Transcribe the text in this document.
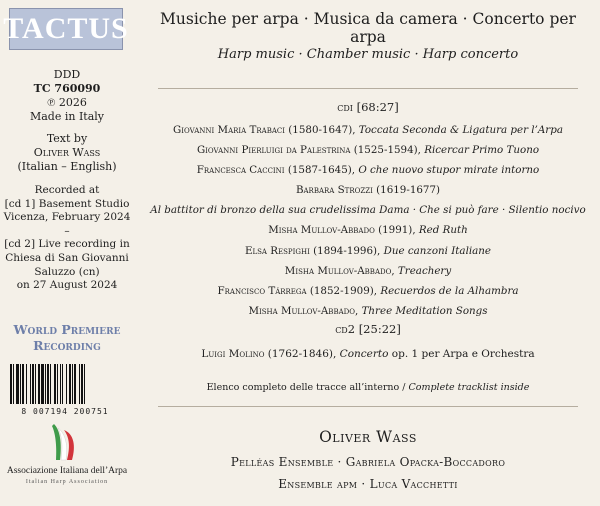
TACTUS
DDD
TC 760090
℗ 2026
Made in Italy
Text by
Oliver Wass
(Italian – English)
Recorded at
[cd 1] Basement Studio
Vicenza, February 2024
–
[cd 2] Live recording in
Chiesa di San Giovanni
Saluzzo (cn)
on 27 August 2024
World Premiere
Recording
8 007194 200751
Associazione Italiana dell’Arpa
Italian Harp Association
Musiche per arpa · Musica da camera · Concerto per arpa
Harp music · Chamber music · Harp concerto
cdi [68:27]
Giovanni Maria Trabaci (1580-1647), Toccata Seconda & Ligatura per l’Arpa
Giovanni Pierluigi da Palestrina (1525-1594), Ricercar Primo Tuono
Francesca Caccini (1587-1645), O che nuovo stupor mirate intorno
Barbara Strozzi (1619-1677)
Al battitor di bronzo della sua crudelissima Dama · Che si può fare · Silentio nocivo
Misha Mullov-Abbado (1991), Red Ruth
Elsa Respighi (1894-1996), Due canzoni Italiane
Misha Mullov-Abbado, Treachery
Francisco Tárrega (1852-1909), Recuerdos de la Alhambra
Misha Mullov-Abbado, Three Meditation Songs
cd2 [25:22]
Luigi Molino (1762-1846), Concerto op. 1 per Arpa e Orchestra
Elenco completo delle tracce all’interno / Complete tracklist inside
Oliver Wass
Pelléas Ensemble · Gabriela Opacka-Boccadoro
Ensemble apm · Luca Vacchetti
